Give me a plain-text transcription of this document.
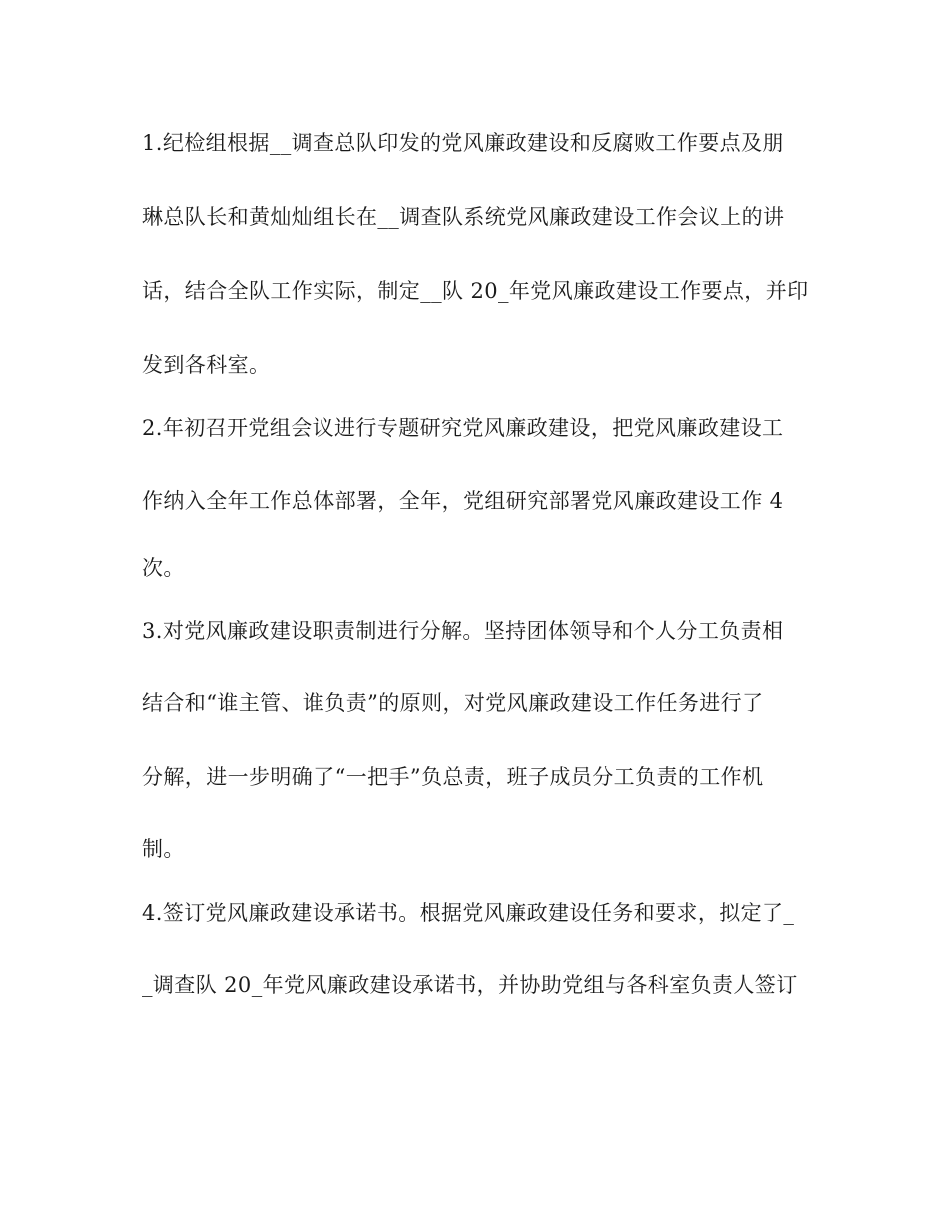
1.纪检组根据__调查总队印发的党风廉政建设和反腐败工作要点及朋
琳总队长和黄灿灿组长在__调查队系统党风廉政建设工作会议上的讲
话，结合全队工作实际，制定__队 20_年党风廉政建设工作要点，并印
发到各科室。
2.年初召开党组会议进行专题研究党风廉政建设，把党风廉政建设工
作纳入全年工作总体部署，全年，党组研究部署党风廉政建设工作 4
次。
3.对党风廉政建设职责制进行分解。坚持团体领导和个人分工负责相
结合和“谁主管、谁负责”的原则，对党风廉政建设工作任务进行了
分解，进一步明确了“一把手”负总责，班子成员分工负责的工作机
制。
4.签订党风廉政建设承诺书。根据党风廉政建设任务和要求，拟定了_
_调查队 20_年党风廉政建设承诺书，并协助党组与各科室负责人签订
